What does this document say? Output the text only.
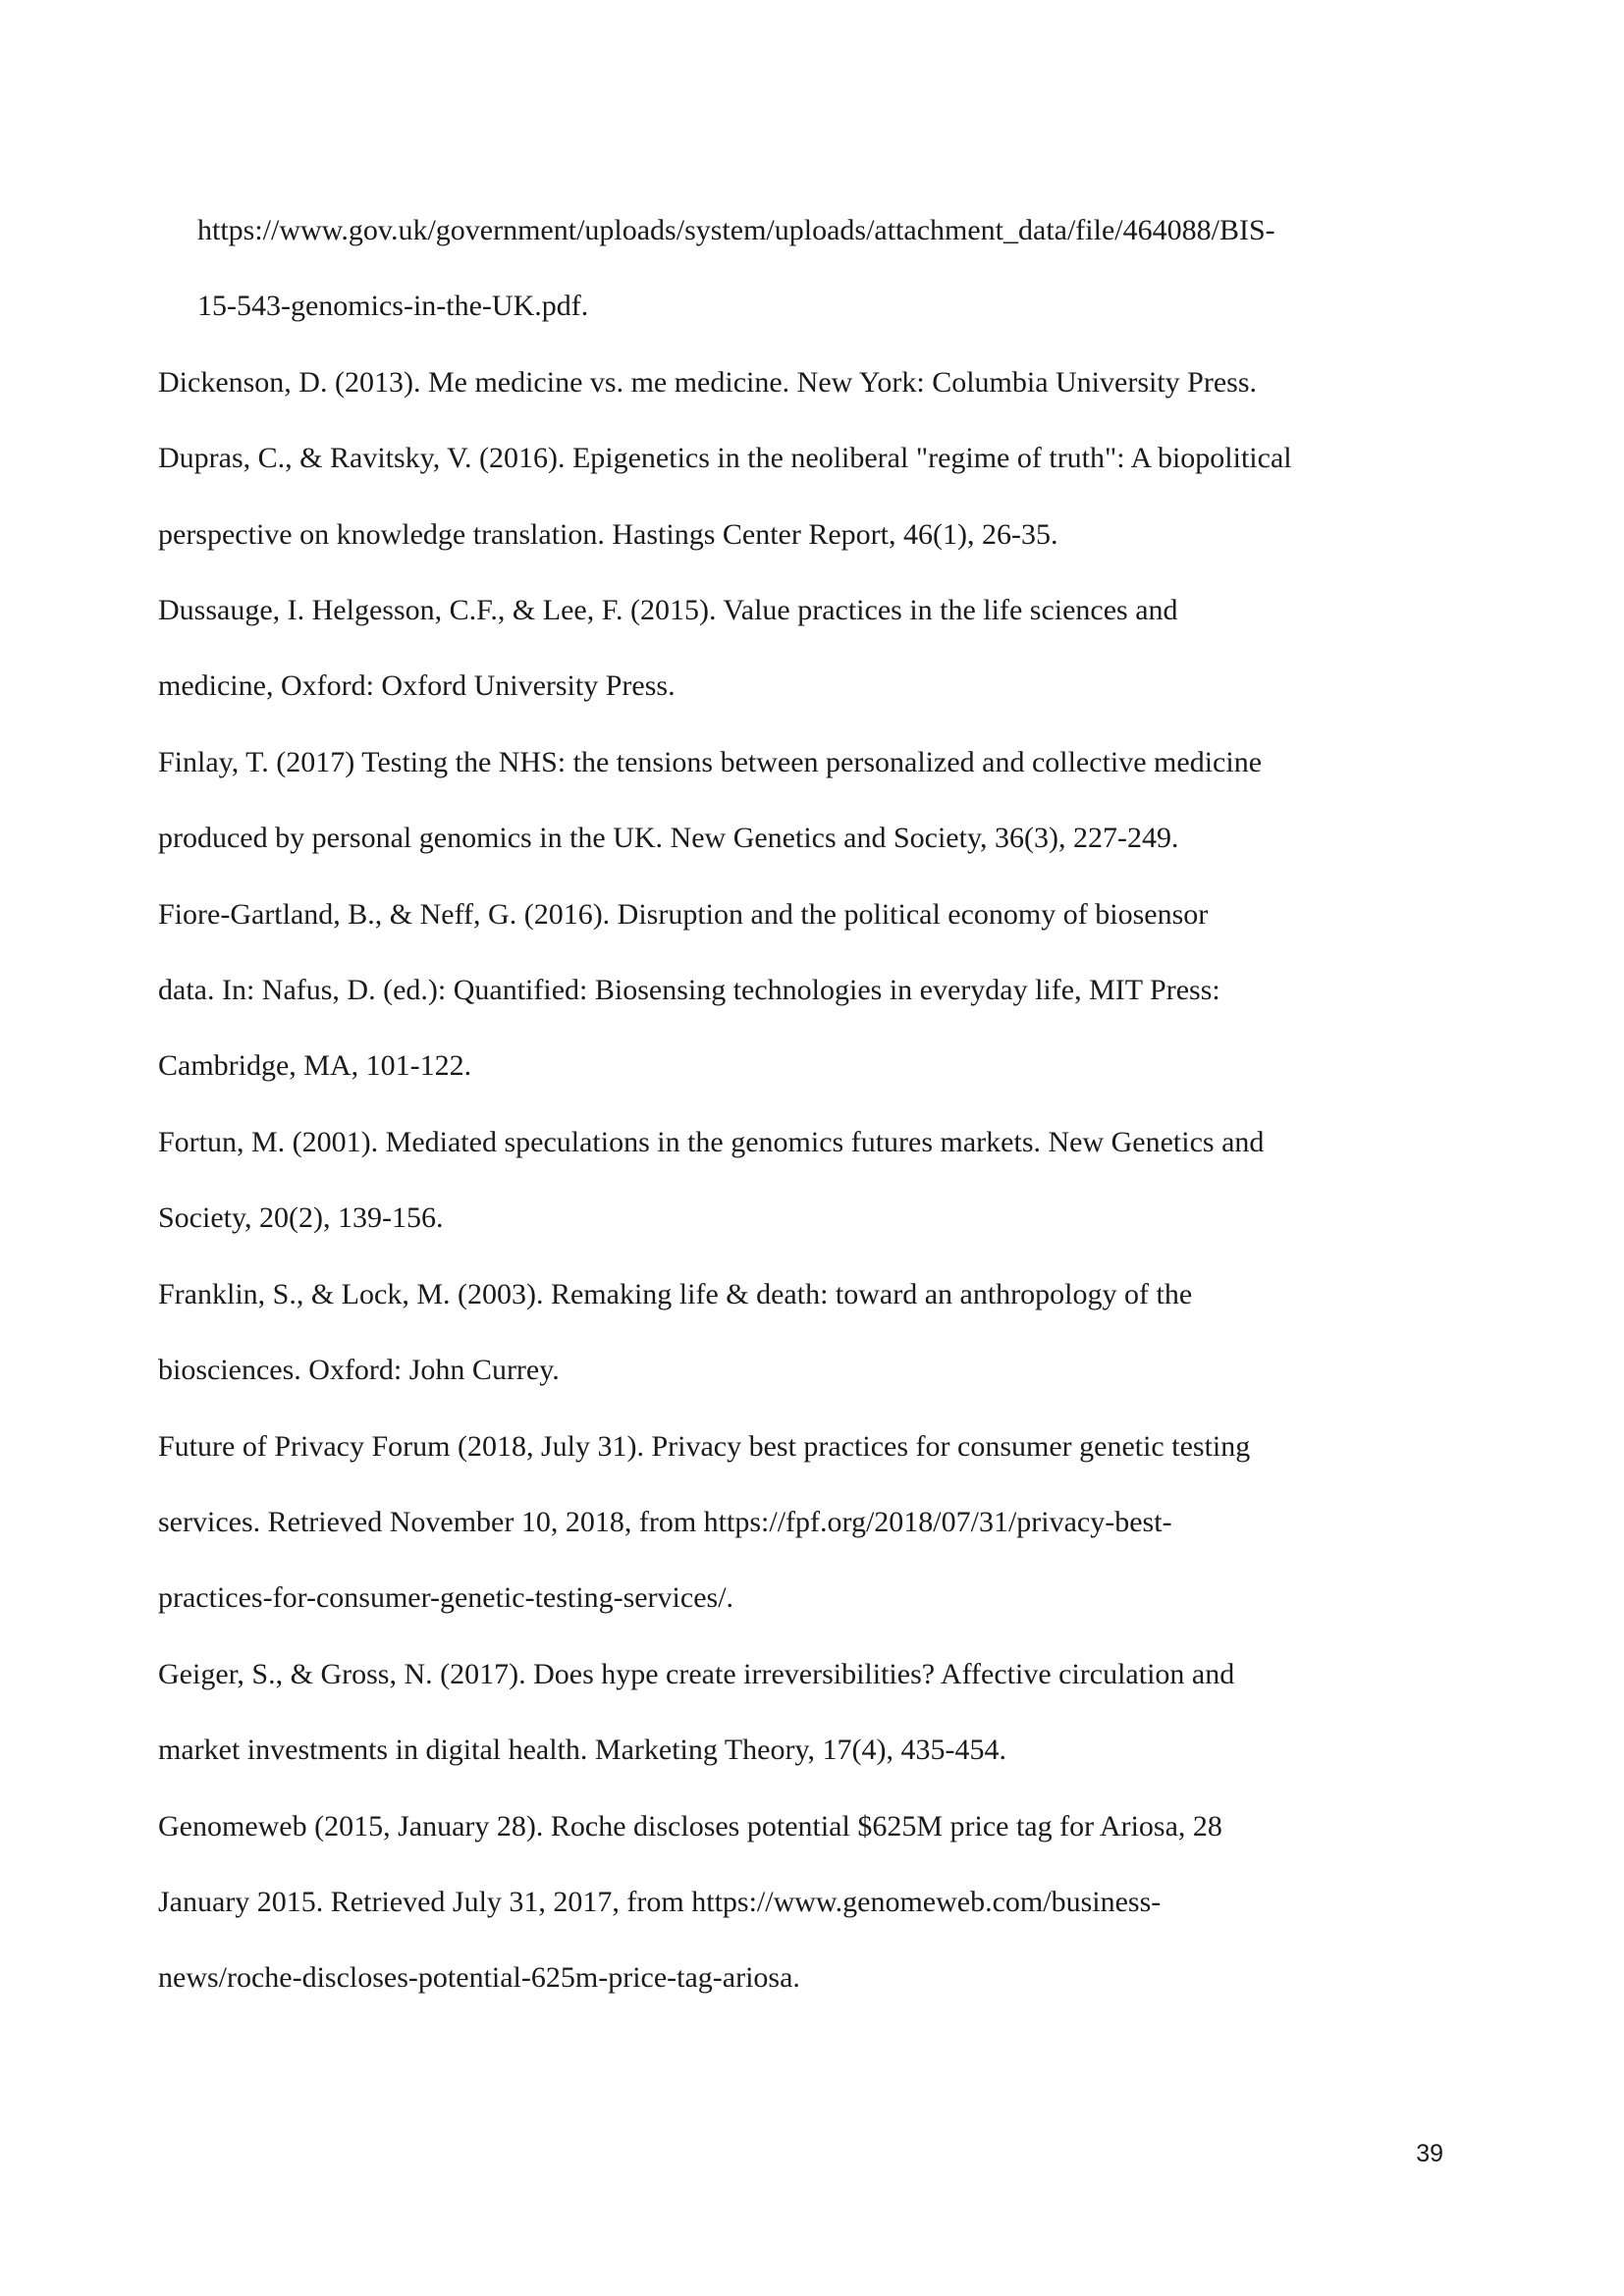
https://www.gov.uk/government/uploads/system/uploads/attachment_data/file/464088/BIS-
15-543-genomics-in-the-UK.pdf.
Dickenson, D. (2013). Me medicine vs. me medicine. New York: Columbia University Press.
Dupras, C., & Ravitsky, V. (2016). Epigenetics in the neoliberal "regime of truth": A biopolitical
perspective on knowledge translation. Hastings Center Report, 46(1), 26-35.
Dussauge, I. Helgesson, C.F., & Lee, F. (2015). Value practices in the life sciences and
medicine, Oxford: Oxford University Press.
Finlay, T. (2017) Testing the NHS: the tensions between personalized and collective medicine
produced by personal genomics in the UK. New Genetics and Society, 36(3), 227-249.
Fiore-Gartland, B., & Neff, G. (2016). Disruption and the political economy of biosensor
data. In: Nafus, D. (ed.): Quantified: Biosensing technologies in everyday life, MIT Press:
Cambridge, MA, 101-122.
Fortun, M. (2001). Mediated speculations in the genomics futures markets. New Genetics and
Society, 20(2), 139-156.
Franklin, S., & Lock, M. (2003). Remaking life & death: toward an anthropology of the
biosciences. Oxford: John Currey.
Future of Privacy Forum (2018, July 31). Privacy best practices for consumer genetic testing
services. Retrieved November 10, 2018, from https://fpf.org/2018/07/31/privacy-best-
practices-for-consumer-genetic-testing-services/.
Geiger, S., & Gross, N. (2017). Does hype create irreversibilities? Affective circulation and
market investments in digital health. Marketing Theory, 17(4), 435-454.
Genomeweb (2015, January 28). Roche discloses potential $625M price tag for Ariosa, 28
January 2015. Retrieved July 31, 2017, from https://www.genomeweb.com/business-
news/roche-discloses-potential-625m-price-tag-ariosa.
39
